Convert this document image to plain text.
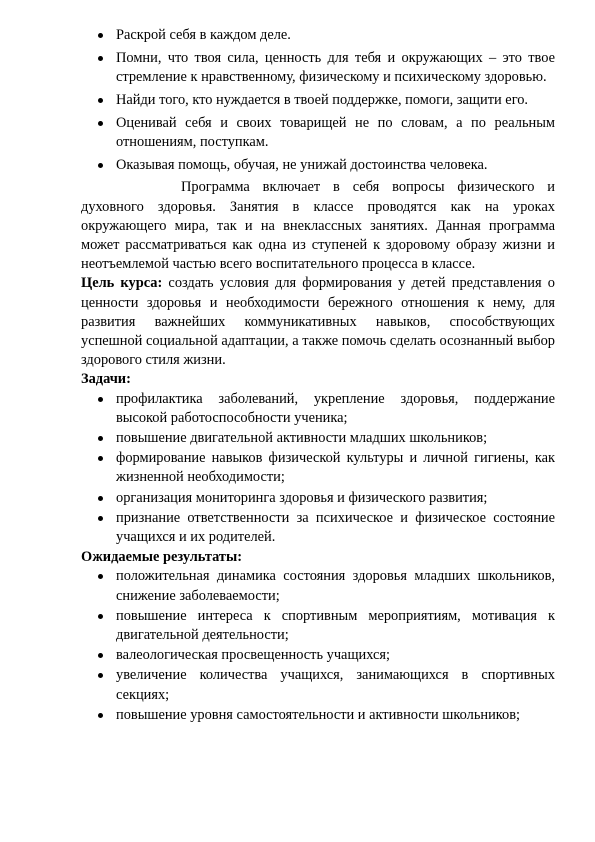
Раскрой себя в каждом деле.
Помни, что твоя сила, ценность для тебя и окружающих – это твое стремление к нравственному, физическому и психическому здоровью.
Найди того, кто нуждается в твоей поддержке, помоги, защити его.
Оценивай себя и своих товарищей не по словам, а по реальным отношениям, поступкам.
Оказывая помощь, обучая, не унижай достоинства человека.

Программа включает в себя вопросы физического и духовного здоровья. Занятия в классе проводятся как на уроках окружающего мира, так и на внеклассных занятиях. Данная программа может рассматриваться как одна из ступеней к здоровому образу жизни и неотъемлемой частью всего воспитательного процесса в классе.

Цель курса: создать условия для формирования у детей представления о ценности здоровья и необходимости бережного отношения к нему, для развития важнейших коммуникативных навыков, способствующих успешной социальной адаптации, а также помочь сделать осознанный выбор здорового стиля жизни.

Задачи:

профилактика заболеваний, укрепление здоровья, поддержание высокой работоспособности ученика;
повышение двигательной активности младших школьников;
формирование навыков физической культуры и личной гигиены, как жизненной необходимости;
организация мониторинга здоровья и физического развития;
признание ответственности за психическое и физическое состояние учащихся и их родителей.

Ожидаемые результаты:

положительная динамика состояния здоровья младших школьников, снижение заболеваемости;
повышение интереса к спортивным мероприятиям, мотивация к двигательной деятельности;
валеологическая просвещенность учащихся;
увеличение количества учащихся, занимающихся в спортивных секциях;
повышение уровня самостоятельности и активности школьников;
